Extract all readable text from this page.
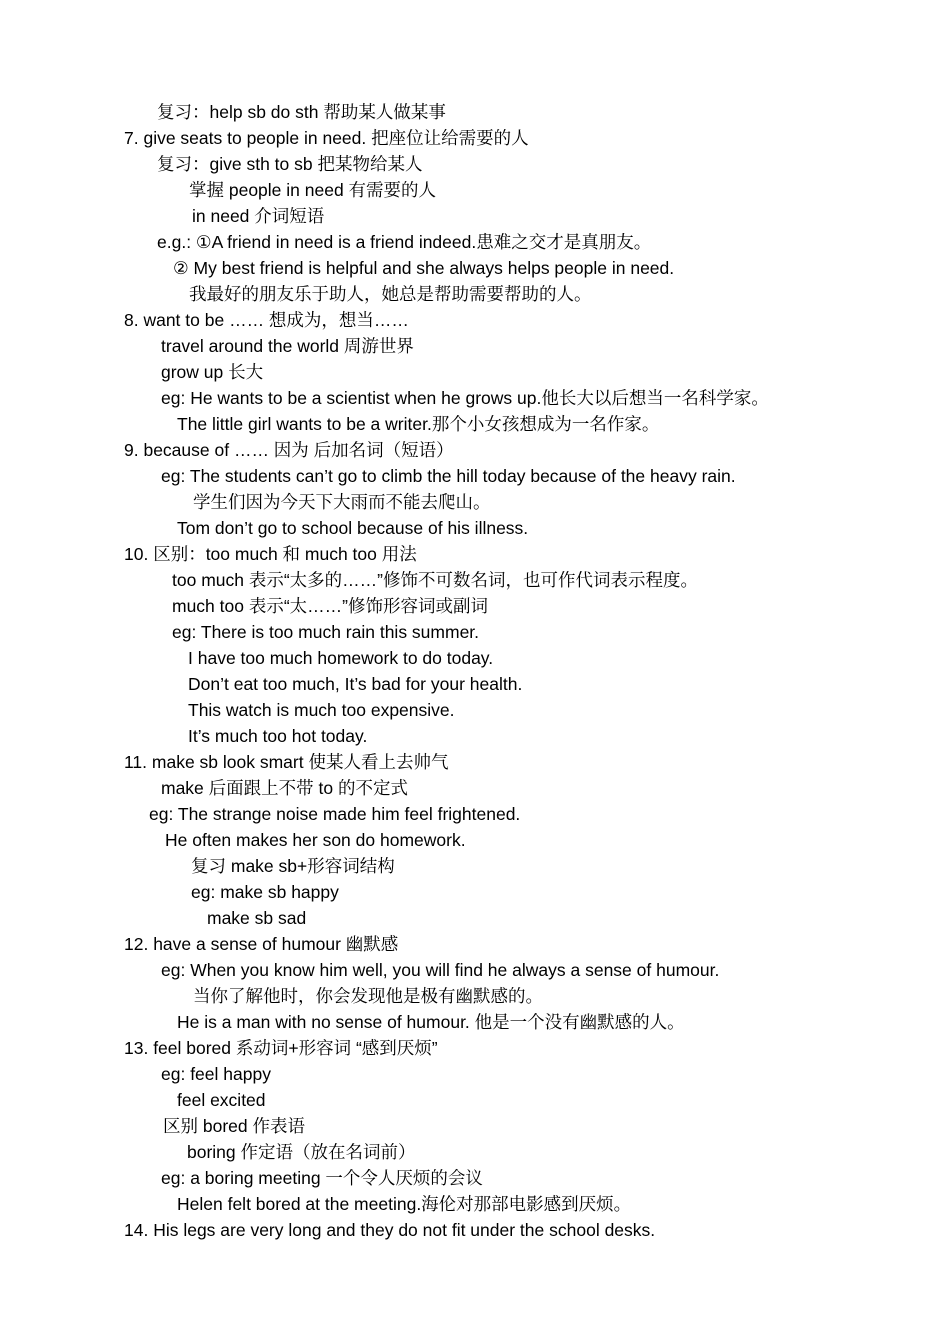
复习：help sb do sth 帮助某人做某事
7. give seats to people in need. 把座位让给需要的人
复习：give sth to sb 把某物给某人
掌握 people in need 有需要的人
in need 介词短语
e.g.: ①A friend in need is a friend indeed.患难之交才是真朋友。
② My best friend is helpful and she always helps people in need.
我最好的朋友乐于助人，她总是帮助需要帮助的人。
8. want to be …… 想成为，想当……
travel around the world 周游世界
grow up 长大
eg: He wants to be a scientist when he grows up.他长大以后想当一名科学家。
The little girl wants to be a writer.那个小女孩想成为一名作家。
9. because of …… 因为 后加名词（短语）
eg: The students can’t go to climb the hill today because of the heavy rain.
学生们因为今天下大雨而不能去爬山。
Tom don’t go to school because of his illness.
10. 区别：too much 和 much too 用法
too much 表示“太多的……”修饰不可数名词，也可作代词表示程度。
much too 表示“太……”修饰形容词或副词
eg: There is too much rain this summer.
I have too much homework to do today.
Don’t eat too much, It’s bad for your health.
This watch is much too expensive.
It’s much too hot today.
11. make sb look smart 使某人看上去帅气
make 后面跟上不带 to 的不定式
eg: The strange noise made him feel frightened.
He often makes her son do homework.
复习 make sb+形容词结构
eg: make sb happy
make sb sad
12. have a sense of humour 幽默感
eg: When you know him well, you will find he always a sense of humour.
当你了解他时，你会发现他是极有幽默感的。
He is a man with no sense of humour. 他是一个没有幽默感的人。
13. feel bored 系动词+形容词 “感到厌烦”
eg: feel happy
feel excited
区别 bored 作表语
boring 作定语（放在名词前）
eg: a boring meeting 一个令人厌烦的会议
Helen felt bored at the meeting.海伦对那部电影感到厌烦。
14. His legs are very long and they do not fit under the school desks.
